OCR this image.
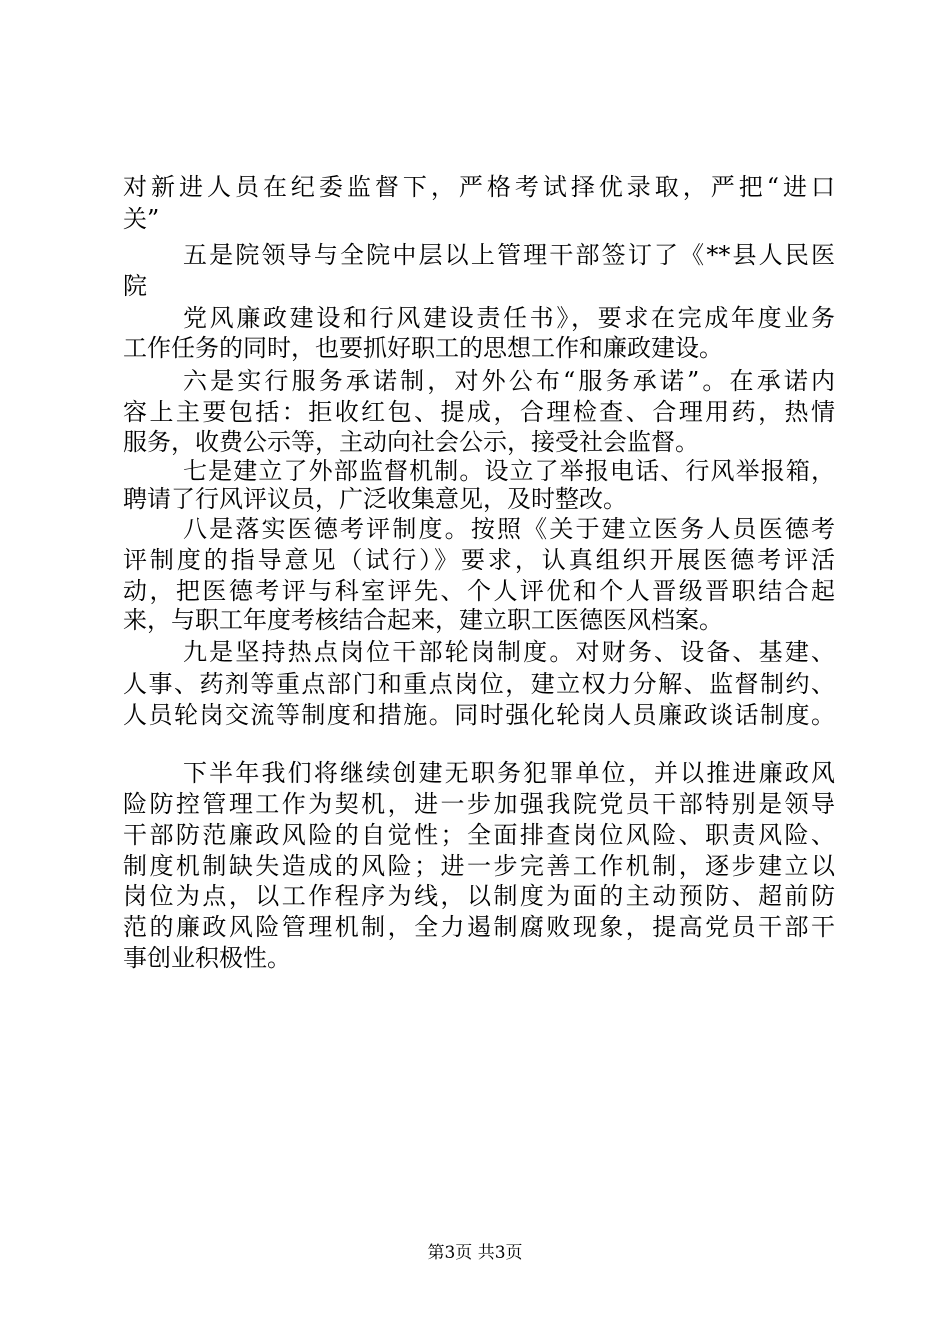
对新进人员在纪委监督下，严格考试择优录取，严把“进口

关”

五是院领导与全院中层以上管理干部签订了《**县人民医

院

党风廉政建设和行风建设责任书》，要求在完成年度业务

工作任务的同时，也要抓好职工的思想工作和廉政建设。

六是实行服务承诺制，对外公布“服务承诺”。在承诺内

容上主要包括：拒收红包、提成，合理检查、合理用药，热情

服务，收费公示等，主动向社会公示，接受社会监督。

七是建立了外部监督机制。设立了举报电话、行风举报箱，

聘请了行风评议员，广泛收集意见，及时整改。

八是落实医德考评制度。按照《关于建立医务人员医德考

评制度的指导意见（试行）》要求，认真组织开展医德考评活

动，把医德考评与科室评先、个人评优和个人晋级晋职结合起

来，与职工年度考核结合起来，建立职工医德医风档案。

九是坚持热点岗位干部轮岗制度。对财务、设备、基建、

人事、药剂等重点部门和重点岗位，建立权力分解、监督制约、

人员轮岗交流等制度和措施。同时强化轮岗人员廉政谈话制度。

下半年我们将继续创建无职务犯罪单位，并以推进廉政风

险防控管理工作为契机，进一步加强我院党员干部特别是领导

干部防范廉政风险的自觉性；全面排查岗位风险、职责风险、

制度机制缺失造成的风险；进一步完善工作机制，逐步建立以

岗位为点，以工作程序为线，以制度为面的主动预防、超前防

范的廉政风险管理机制，全力遏制腐败现象，提高党员干部干

事创业积极性。

第3页 共3页
